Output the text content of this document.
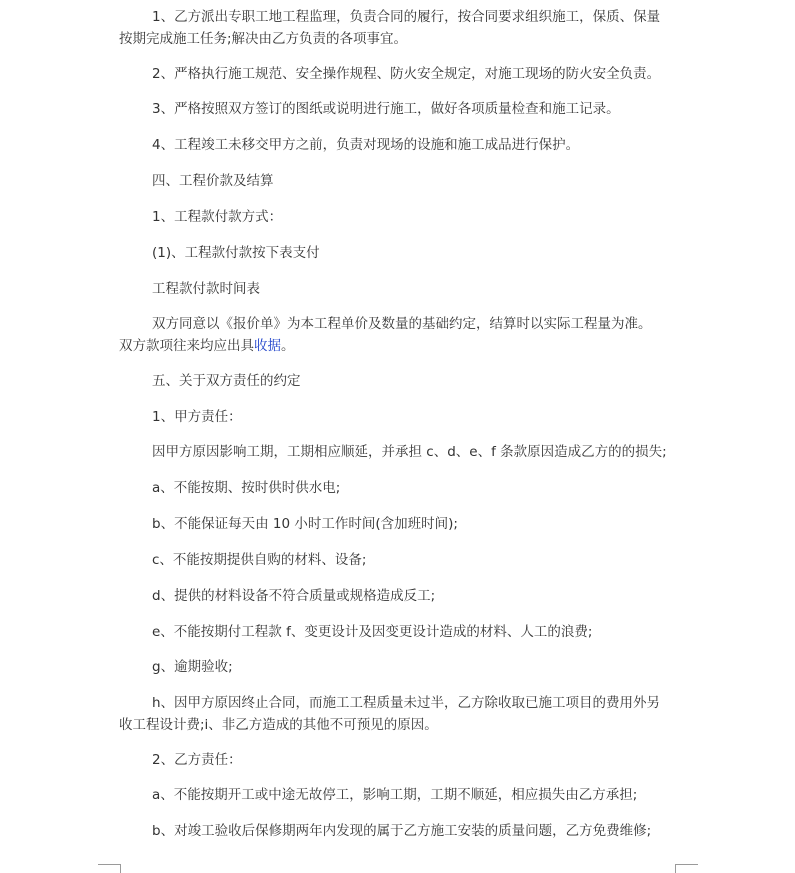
1、乙方派出专职工地工程监理，负责合同的履行，按合同要求组织施工，保质、保量
按期完成施工任务;解决由乙方负责的各项事宜。
2、严格执行施工规范、安全操作规程、防火安全规定，对施工现场的防火安全负责。
3、严格按照双方签订的图纸或说明进行施工，做好各项质量检查和施工记录。
4、工程竣工未移交甲方之前，负责对现场的设施和施工成品进行保护。
四、工程价款及结算
1、工程款付款方式：
(1)、工程款付款按下表支付
工程款付款时间表
双方同意以《报价单》为本工程单价及数量的基础约定，结算时以实际工程量为准。
双方款项往来均应出具收据。
五、关于双方责任的约定
1、甲方责任：
因甲方原因影响工期，工期相应顺延，并承担 c、d、e、f 条款原因造成乙方的的损失;
a、不能按期、按时供时供水电;
b、不能保证每天由 10 小时工作时间(含加班时间);
c、不能按期提供自购的材料、设备;
d、提供的材料设备不符合质量或规格造成反工;
e、不能按期付工程款 f、变更设计及因变更设计造成的材料、人工的浪费;
g、逾期验收;
h、因甲方原因终止合同，而施工工程质量未过半，乙方除收取已施工项目的费用外另
收工程设计费;i、非乙方造成的其他不可预见的原因。
2、乙方责任：
a、不能按期开工或中途无故停工，影响工期，工期不顺延，相应损失由乙方承担;
b、对竣工验收后保修期两年内发现的属于乙方施工安装的质量问题，乙方免费维修;
